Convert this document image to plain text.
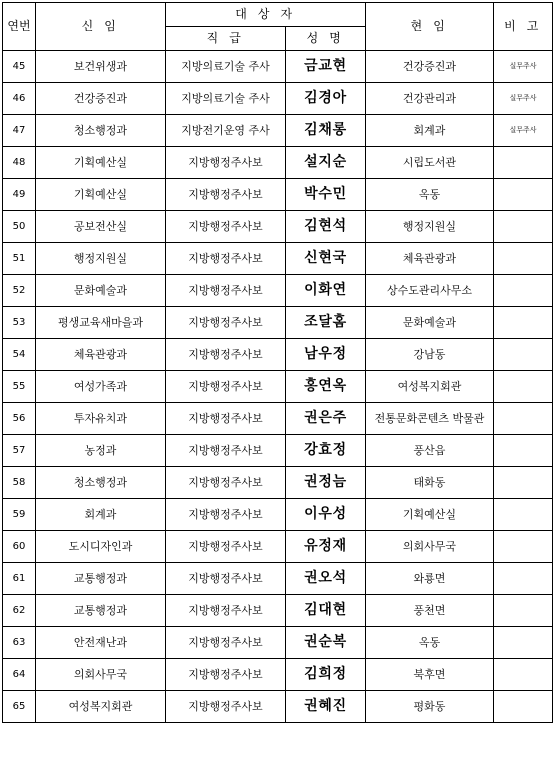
연번	신 임	대 상 자		현 임	비 고
		직 급	성 명		
45	보건위생과	지방의료기술 주사	금교현	건강증진과	실무주사
46	건강증진과	지방의료기술 주사	김경아	건강관리과	실무주사
47	청소행정과	지방전기운영 주사	김채롱	회계과	실무주사
48	기획예산실	지방행정주사보	설지순	시립도서관	
49	기획예산실	지방행정주사보	박수민	옥동	
50	공보전산실	지방행정주사보	김현석	행정지원실	
51	행정지원실	지방행정주사보	신현국	체육관광과	
52	문화예술과	지방행정주사보	이화연	상수도관리사무소	
53	평생교육새마을과	지방행정주사보	조달홈	문화예술과	
54	체육관광과	지방행정주사보	남우정	강남동	
55	여성가족과	지방행정주사보	홍연옥	여성복지회관	
56	투자유치과	지방행정주사보	권은주	전통문화콘텐츠 박물관	
57	농정과	지방행정주사보	강효정	풍산읍	
58	청소행정과	지방행정주사보	권정늠	태화동	
59	회계과	지방행정주사보	이우성	기획예산실	
60	도시디자인과	지방행정주사보	유정재	의회사무국	
61	교통행정과	지방행정주사보	권오석	와룡면	
62	교통행정과	지방행정주사보	김대현	풍천면	
63	안전재난과	지방행정주사보	권순복	옥동	
64	의회사무국	지방행정주사보	김희정	북후면	
65	여성복지회관	지방행정주사보	권혜진	평화동	
